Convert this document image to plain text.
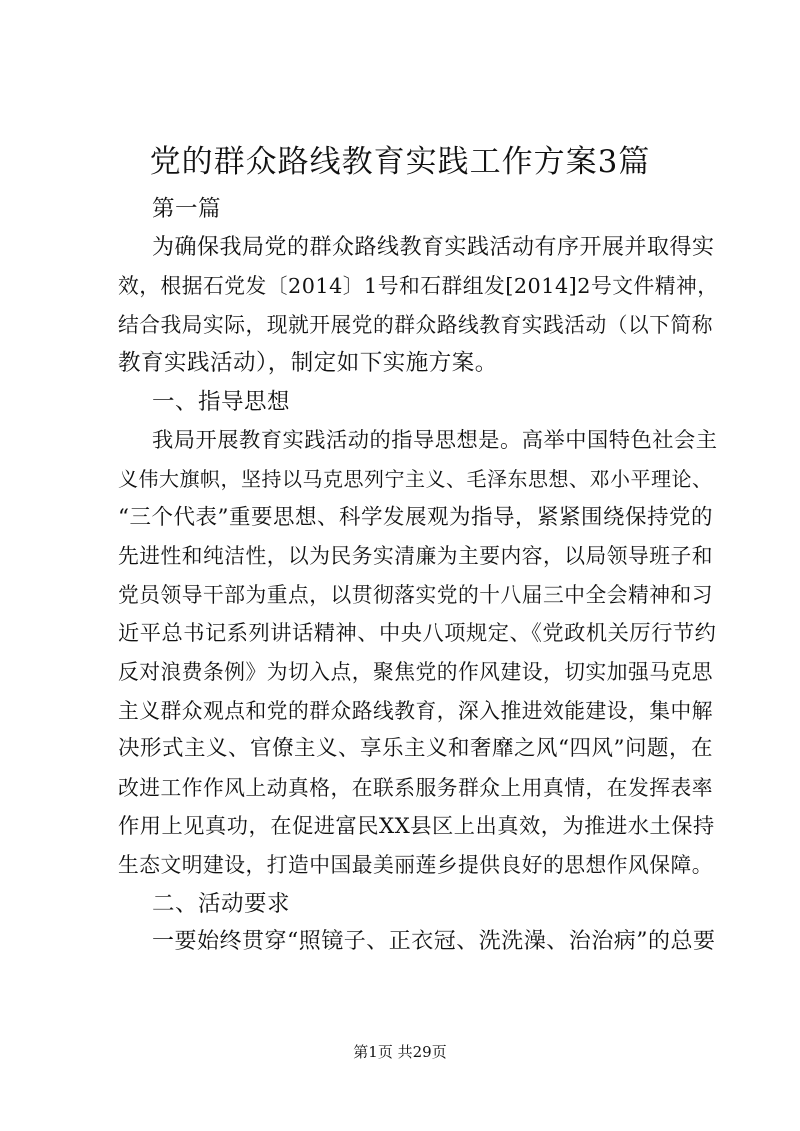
党的群众路线教育实践工作方案3篇
第一篇
为确保我局党的群众路线教育实践活动有序开展并取得实
效，根据石党发〔2014〕1号和石群组发[2014]2号文件精神，
结合我局实际，现就开展党的群众路线教育实践活动（以下简称
教育实践活动），制定如下实施方案。
一、指导思想
我局开展教育实践活动的指导思想是。高举中国特色社会主
义伟大旗帜，坚持以马克思列宁主义、毛泽东思想、邓小平理论、
“三个代表”重要思想、科学发展观为指导，紧紧围绕保持党的
先进性和纯洁性，以为民务实清廉为主要内容，以局领导班子和
党员领导干部为重点，以贯彻落实党的十八届三中全会精神和习
近平总书记系列讲话精神、中央八项规定、《党政机关厉行节约
反对浪费条例》为切入点，聚焦党的作风建设，切实加强马克思
主义群众观点和党的群众路线教育，深入推进效能建设，集中解
决形式主义、官僚主义、享乐主义和奢靡之风“四风”问题，在
改进工作作风上动真格，在联系服务群众上用真情，在发挥表率
作用上见真功，在促进富民XX县区上出真效，为推进水土保持
生态文明建设，打造中国最美丽莲乡提供良好的思想作风保障。
二、活动要求
一要始终贯穿“照镜子、正衣冠、洗洗澡、治治病”的总要
第1页 共29页
